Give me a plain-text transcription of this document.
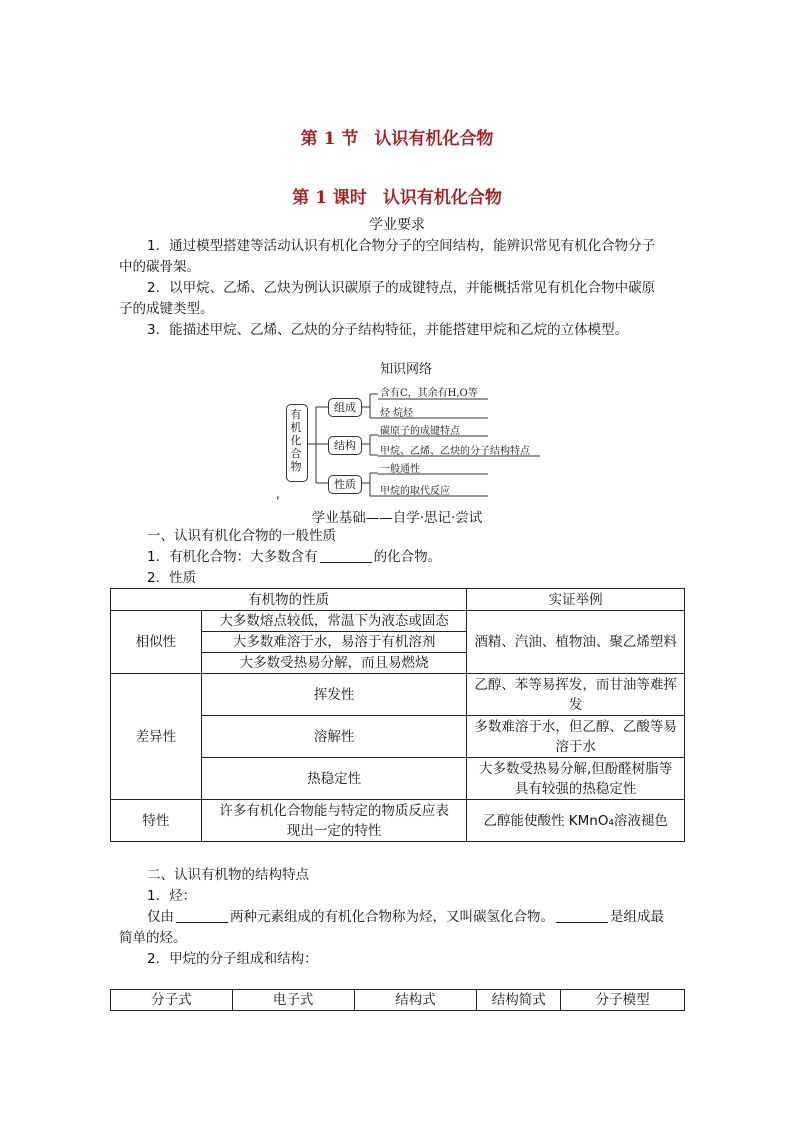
第 1 节 认识有机化合物
第 1 课时 认识有机化合物
学业要求
1．通过模型搭建等活动认识有机化合物分子的空间结构，能辨识常见有机化合物分子
中的碳骨架。
2．以甲烷、乙烯、乙炔为例认识碳原子的成键特点，并能概括常见有机化合物中碳原
子的成键类型。
3．能描述甲烷、乙烯、乙炔的分子结构特征，并能搭建甲烷和乙烷的立体模型。
知识网络
有
机
化
合
物
组成
结构
性质
含有C，其余有H,O等
烃 烷烃
碳原子的成键特点
甲烷、乙烯、乙炔的分子结构特点
一般通性
甲烷的取代反应
,
学业基础——自学·思记·尝试
一、认识有机化合物的一般性质
1．有机化合物：大多数含有	的化合物。
2．性质
有机物的性质		实证举例
相似性	大多数熔点较低，常温下为液态或固态	酒精、汽油、植物油、聚乙烯塑料
	大多数难溶于水，易溶于有机溶剂	
	大多数受热易分解，而且易燃烧	
差异性	挥发性	乙醇、苯等易挥发，而甘油等难挥
发

	溶解性	多数难溶于水，但乙醇、乙酸等易
溶于水

	热稳定性	大多数受热易分解,但酚醛树脂等
具有较强的热稳定性

特性	许多有机化合物能与特定的物质反应表
现出一定的特性	乙醇能使酸性 KMnO₄溶液褪色
二、认识有机物的结构特点
1．烃：
仅由	两种元素组成的有机化合物称为烃，又叫碳氢化合物。	是组成最
简单的烃。
2．甲烷的分子组成和结构：
分子式	电子式	结构式	结构简式	分子模型
